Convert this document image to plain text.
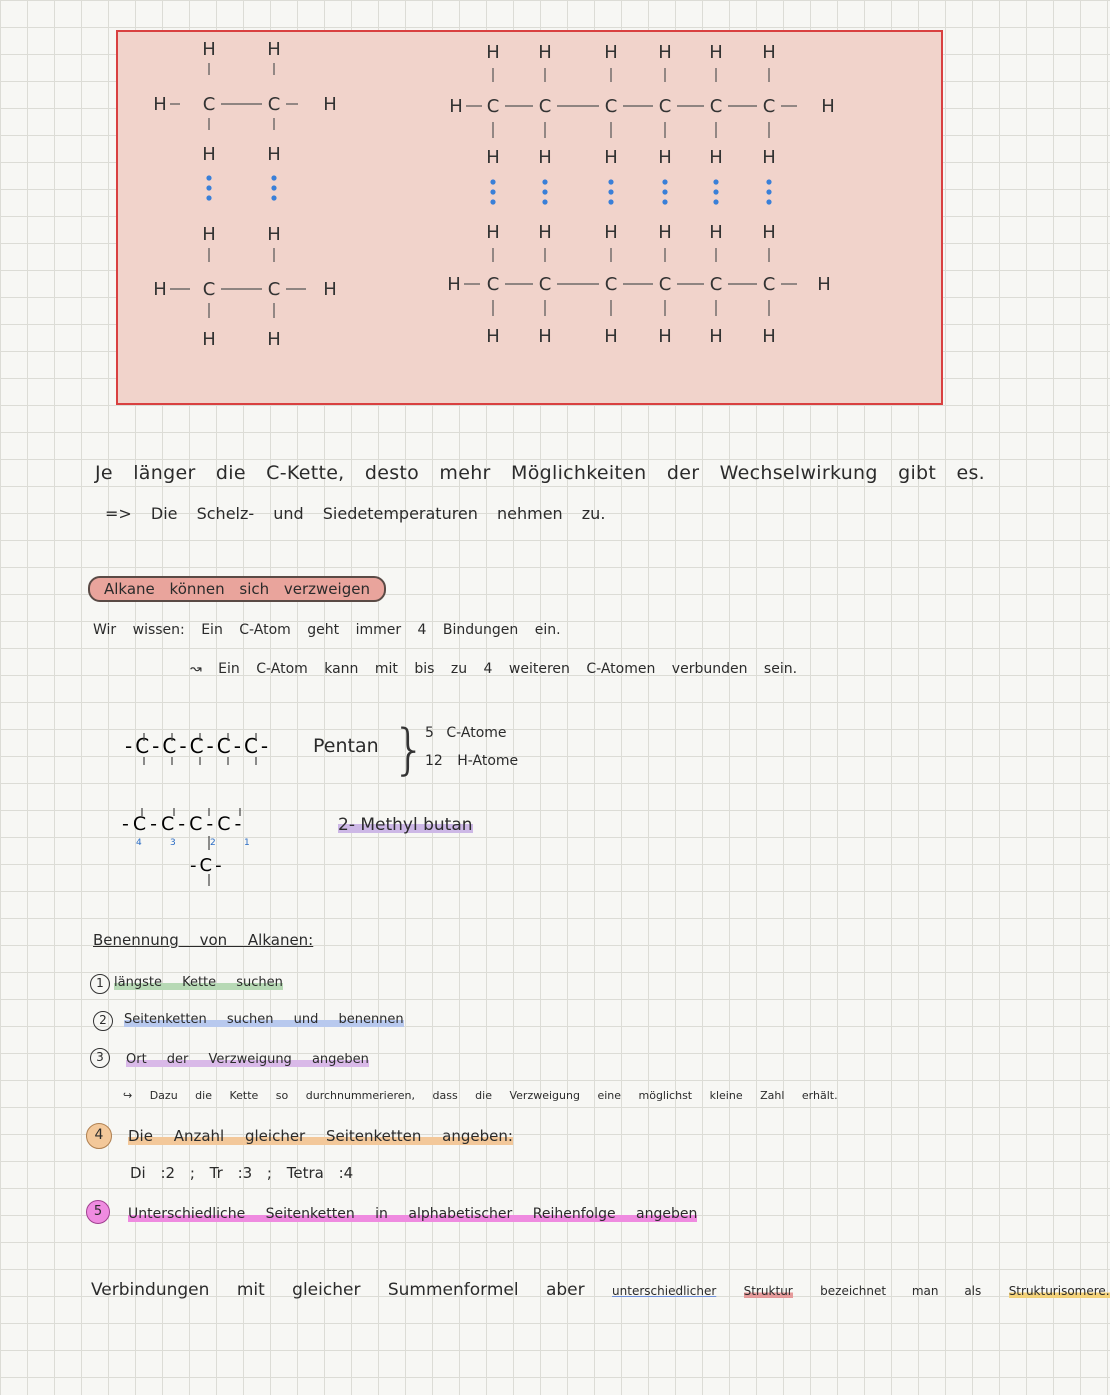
H
C
H
H
C
H
H	H
H
C
H
H
C
H
H	H
H
C
H
H
C
H
H
C
H
H
C
H
H
C
H
H
C
H
H
C
H
H
C
H
H
C
H
H
C
H
H
C
H
H
C
H
H
H
H
H
Je länger die C-Kette, desto mehr Möglichkeiten der Wechselwirkung gibt es.
=> Die Schelz- und Siedetemperaturen nehmen zu.
Alkane können sich verzweigen
Wir wissen: Ein C-Atom geht immer 4 Bindungen ein.
↝ Ein C-Atom kann mit bis zu 4 weiteren C-Atomen verbunden sein.
-C-C-C-C-C- Pentan }
5 C-Atome
12 H-Atome
-C-C-C-C-
4	3	2	1
-C-
2- Methyl butan
Benennung von Alkanen:
1 längste Kette suchen
2	Seitenketten suchen und benennen
3	Ort der Verzweigung angeben
↪ Dazu die Kette so durchnummerieren, dass die Verzweigung eine möglichst kleine Zahl erhält.
4	Die Anzahl gleicher Seitenketten angeben:
Di :2 ; Tr :3 ; Tetra :4
5	Unterschiedliche Seitenketten in alphabetischer Reihenfolge angeben
Verbindungen mit gleicher Summenformel aber unterschiedlicher Struktur bezeichnet man als Strukturisomere.
